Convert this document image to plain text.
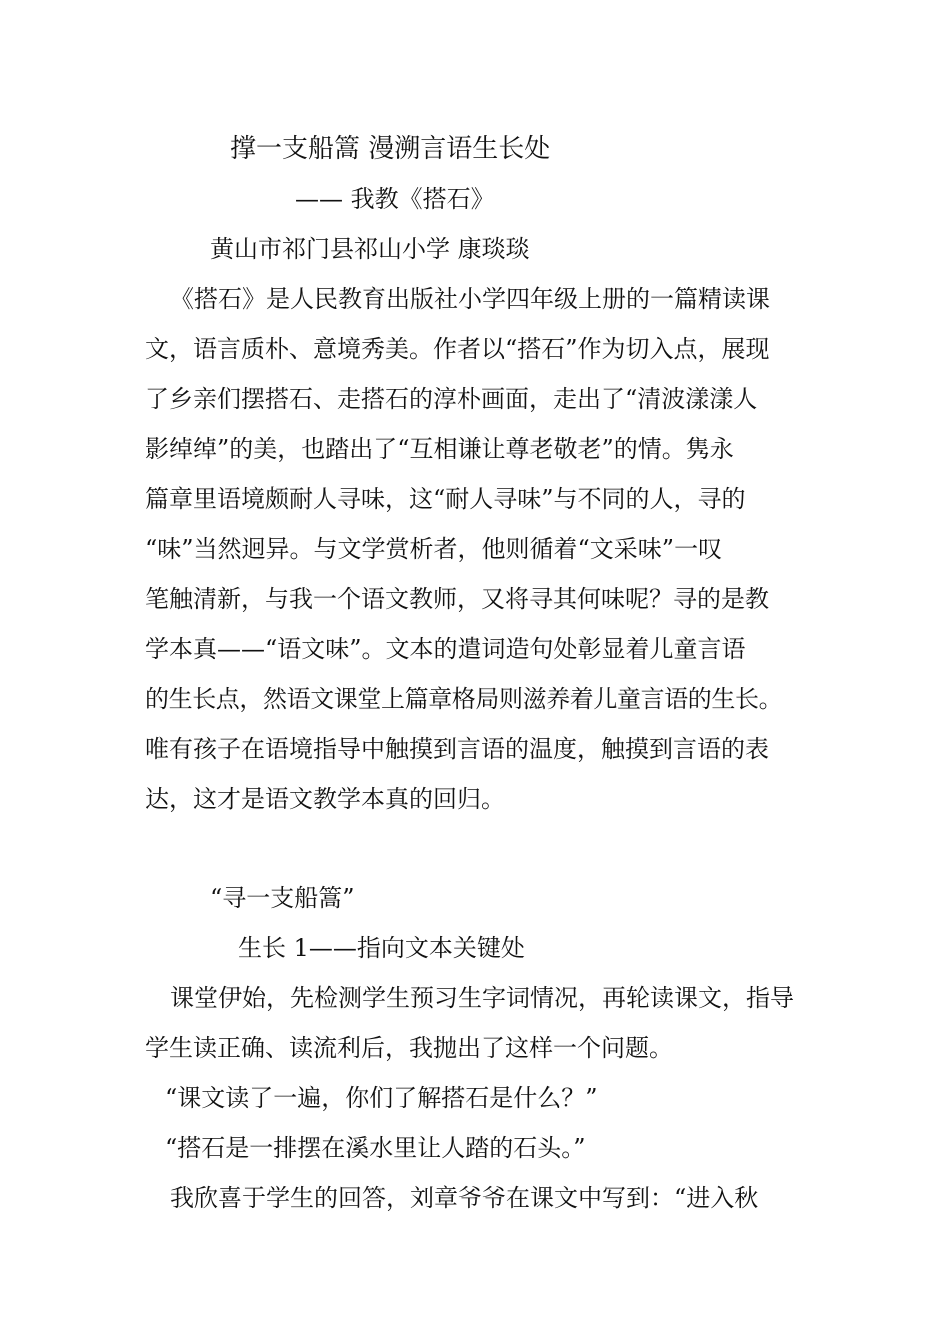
撑一支船篙 漫溯言语生长处
—— 我教《搭石》
黄山市祁门县祁山小学 康琰琰
《搭石》是人民教育出版社小学四年级上册的一篇精读课
文，语言质朴、意境秀美。作者以“搭石”作为切入点，展现
了乡亲们摆搭石、走搭石的淳朴画面，走出了“清波漾漾人
影绰绰”的美，也踏出了“互相谦让尊老敬老”的情。隽永
篇章里语境颇耐人寻味，这“耐人寻味”与不同的人，寻的
“味”当然迥异。与文学赏析者，他则循着“文采味”一叹
笔触清新，与我一个语文教师，又将寻其何味呢？寻的是教
学本真——“语文味”。文本的遣词造句处彰显着儿童言语
的生长点，然语文课堂上篇章格局则滋养着儿童言语的生长。
唯有孩子在语境指导中触摸到言语的温度，触摸到言语的表
达，这才是语文教学本真的回归。
“寻一支船篙”
生长 1——指向文本关键处
课堂伊始，先检测学生预习生字词情况，再轮读课文，指导
学生读正确、读流利后，我抛出了这样一个问题。
“课文读了一遍，你们了解搭石是什么？”
“搭石是一排摆在溪水里让人踏的石头。”
我欣喜于学生的回答，刘章爷爷在课文中写到：“进入秋
